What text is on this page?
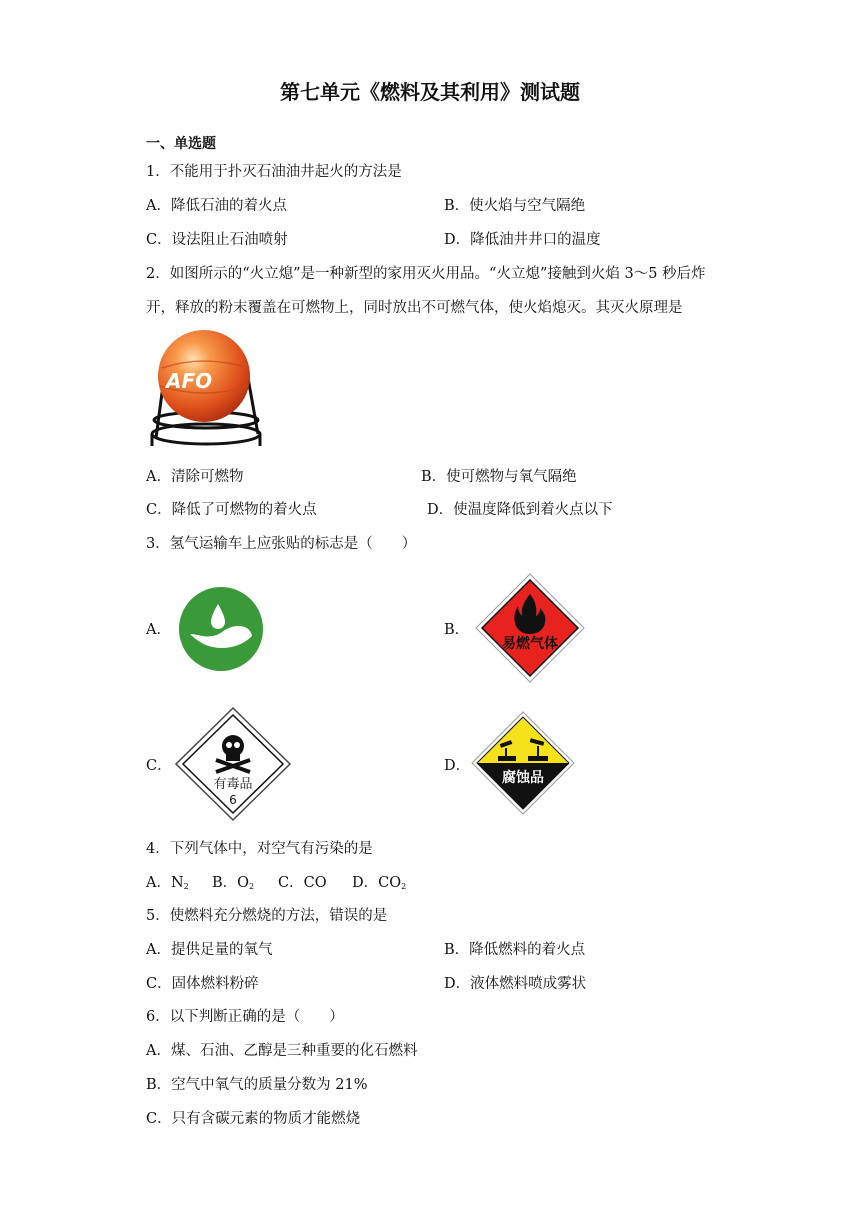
第七单元《燃料及其利用》测试题
一、单选题
1．不能用于扑灭石油油井起火的方法是
A．降低石油的着火点	B．使火焰与空气隔绝
C．设法阻止石油喷射	D．降低油井井口的温度
2．如图所示的“火立熄”是一种新型的家用灭火用品。“火立熄”接触到火焰 3～5 秒后炸
开，释放的粉末覆盖在可燃物上，同时放出不可燃气体，使火焰熄灭。其灭火原理是
AFO
A．清除可燃物	B．使可燃物与氧气隔绝
C．降低了可燃物的着火点	D．使温度降低到着火点以下
3．氢气运输车上应张贴的标志是（　　）
A．	B．
易燃气体
C．
有毒品
6
D．
腐蚀品
4．下列气体中，对空气有污染的是
A．$N_2$ B．$O_2$ C．CO D．$CO_2$
5．使燃料充分燃烧的方法，错误的是
A．提供足量的氧气	B．降低燃料的着火点
C．固体燃料粉碎	D．液体燃料喷成雾状
6．以下判断正确的是（　　）
A．煤、石油、乙醇是三种重要的化石燃料
B．空气中氧气的质量分数为 21%
C．只有含碳元素的物质才能燃烧
